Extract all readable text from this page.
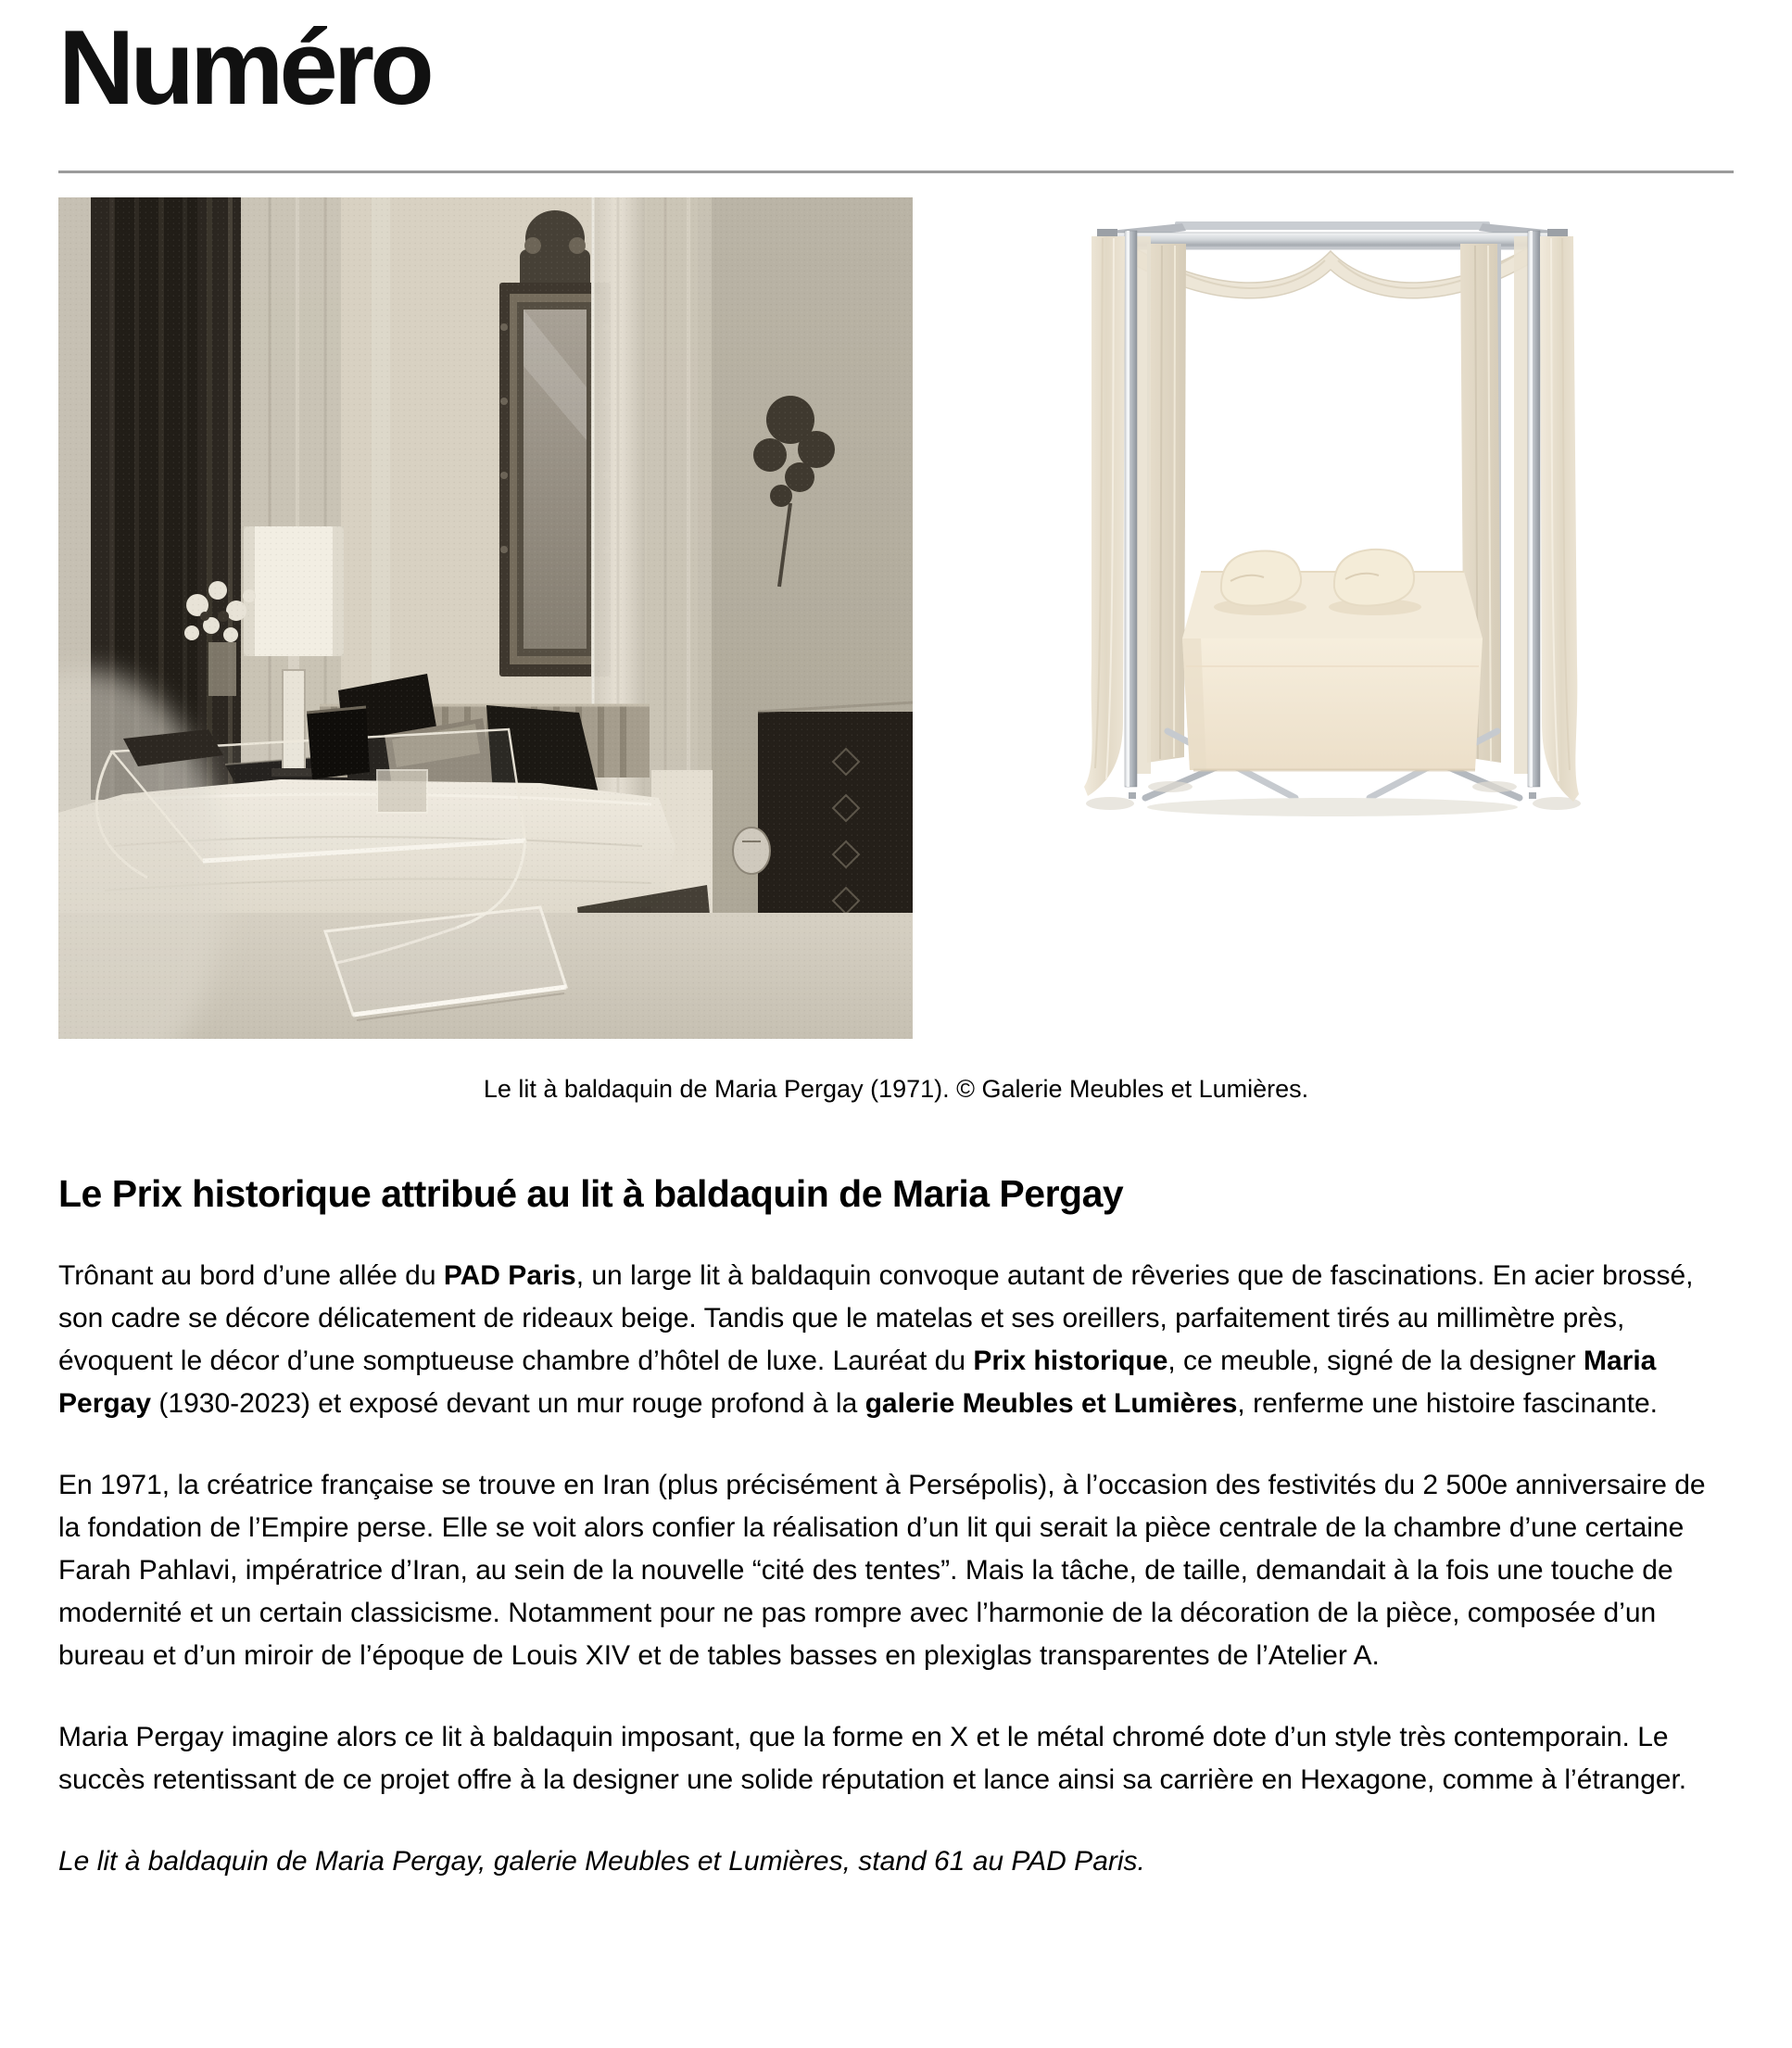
Numéro
Le lit à baldaquin de Maria Pergay (1971). © Galerie Meubles et Lumières.
Le Prix historique attribué au lit à baldaquin de Maria Pergay

Trônant au bord d’une allée du PAD Paris, un large lit à baldaquin convoque autant de rêveries que de fascinations. En acier brossé, son cadre se décore délicatement de rideaux beige. Tandis que le matelas et ses oreillers, parfaitement tirés au millimètre près, évoquent le décor d’une somptueuse chambre d’hôtel de luxe. Lauréat du Prix historique, ce meuble, signé de la designer Maria Pergay (1930-2023) et exposé devant un mur rouge profond à la galerie Meubles et Lumières, renferme une histoire fascinante.

En 1971, la créatrice française se trouve en Iran (plus précisément à Persépolis), à l’occasion des festivités du 2 500e anniversaire de la fondation de l’Empire perse. Elle se voit alors confier la réalisation d’un lit qui serait la pièce centrale de la chambre d’une certaine Farah Pahlavi, impératrice d’Iran, au sein de la nouvelle “cité des tentes”. Mais la tâche, de taille, demandait à la fois une touche de modernité et un certain classicisme. Notamment pour ne pas rompre avec l’harmonie de la décoration de la pièce, composée d’un bureau et d’un miroir de l’époque de Louis XIV et de tables basses en plexiglas transparentes de l’Atelier A.

Maria Pergay imagine alors ce lit à baldaquin imposant, que la forme en X et le métal chromé dote d’un style très contemporain. Le succès retentissant de ce projet offre à la designer une solide réputation et lance ainsi sa carrière en Hexagone, comme à l’étranger.

Le lit à baldaquin de Maria Pergay, galerie Meubles et Lumières, stand 61 au PAD Paris.
